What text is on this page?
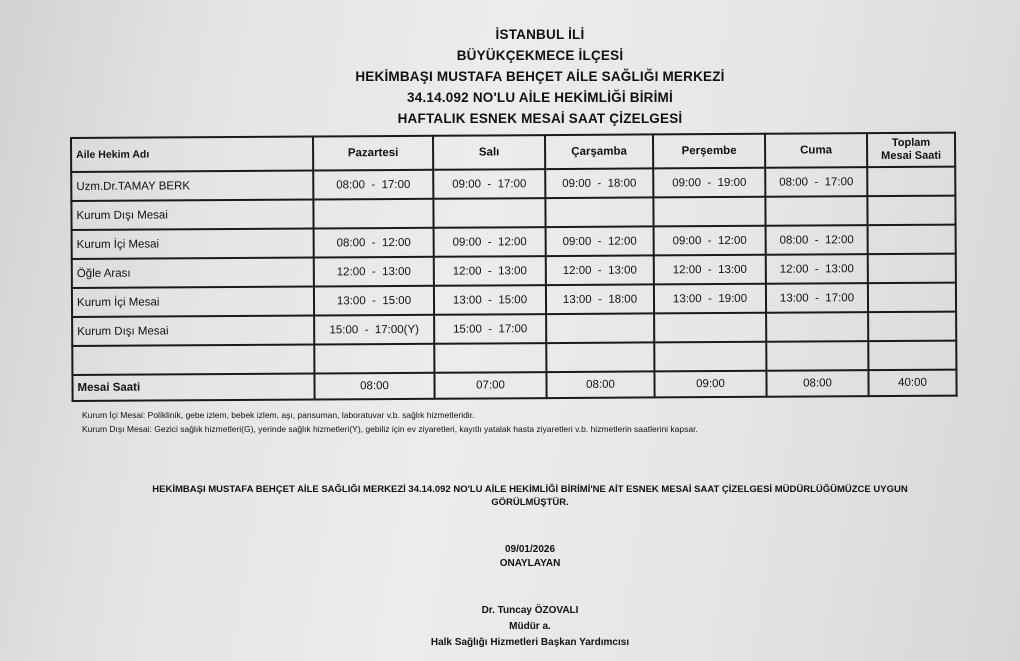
İSTANBUL İLİ
BÜYÜKÇEKMECE İLÇESİ
HEKİMBAŞI MUSTAFA BEHÇET AİLE SAĞLIĞI MERKEZİ
34.14.092 NO'LU AİLE HEKİMLİĞİ BİRİMİ
HAFTALIK ESNEK MESAİ SAAT ÇİZELGESİ
Aile Hekim Adı	Pazartesi	Salı	Çarşamba	Perşembe	Cuma	Toplam
Mesai Saati
Uzm.Dr.TAMAY BERK	08:00  -  17:00	09:00  -  17:00	09:00  -  18:00	09:00  -  19:00	08:00  -  17:00	
Kurum Dışı Mesai						
Kurum İçi Mesai	08:00  -  12:00	09:00  -  12:00	09:00  -  12:00	09:00  -  12:00	08:00  -  12:00	
Öğle Arası	12:00  -  13:00	12:00  -  13:00	12:00  -  13:00	12:00  -  13:00	12:00  -  13:00	
Kurum İçi Mesai	13:00  -  15:00	13:00  -  15:00	13:00  -  18:00	13:00  -  19:00	13:00  -  17:00	
Kurum Dışı Mesai	15:00  -  17:00(Y)	15:00  -  17:00				

Mesai Saati	08:00	07:00	08:00	09:00	08:00	40:00
Kurum İçi Mesai: Poliklinik, gebe izlem, bebek izlem, aşı, pansuman, laboratuvar v.b. sağlık hizmetleridir.
Kurum Dışı Mesai: Gezici sağlık hizmetleri(G), yerinde sağlık hizmetleri(Y), gebiliz için ev ziyaretleri, kayıtlı yatalak hasta ziyaretleri v.b. hizmetlerin saatlerini kapsar.
HEKİMBAŞI MUSTAFA BEHÇET AİLE SAĞLIĞI MERKEZİ 34.14.092 NO'LU AİLE HEKİMLİĞİ BİRİMİ'NE AİT ESNEK MESAİ SAAT ÇİZELGESİ MÜDÜRLÜĞÜMÜZCE UYGUN
GÖRÜLMÜŞTÜR.
09/01/2026
ONAYLAYAN
Dr. Tuncay ÖZOVALI
Müdür a.
Halk Sağlığı Hizmetleri Başkan Yardımcısı
